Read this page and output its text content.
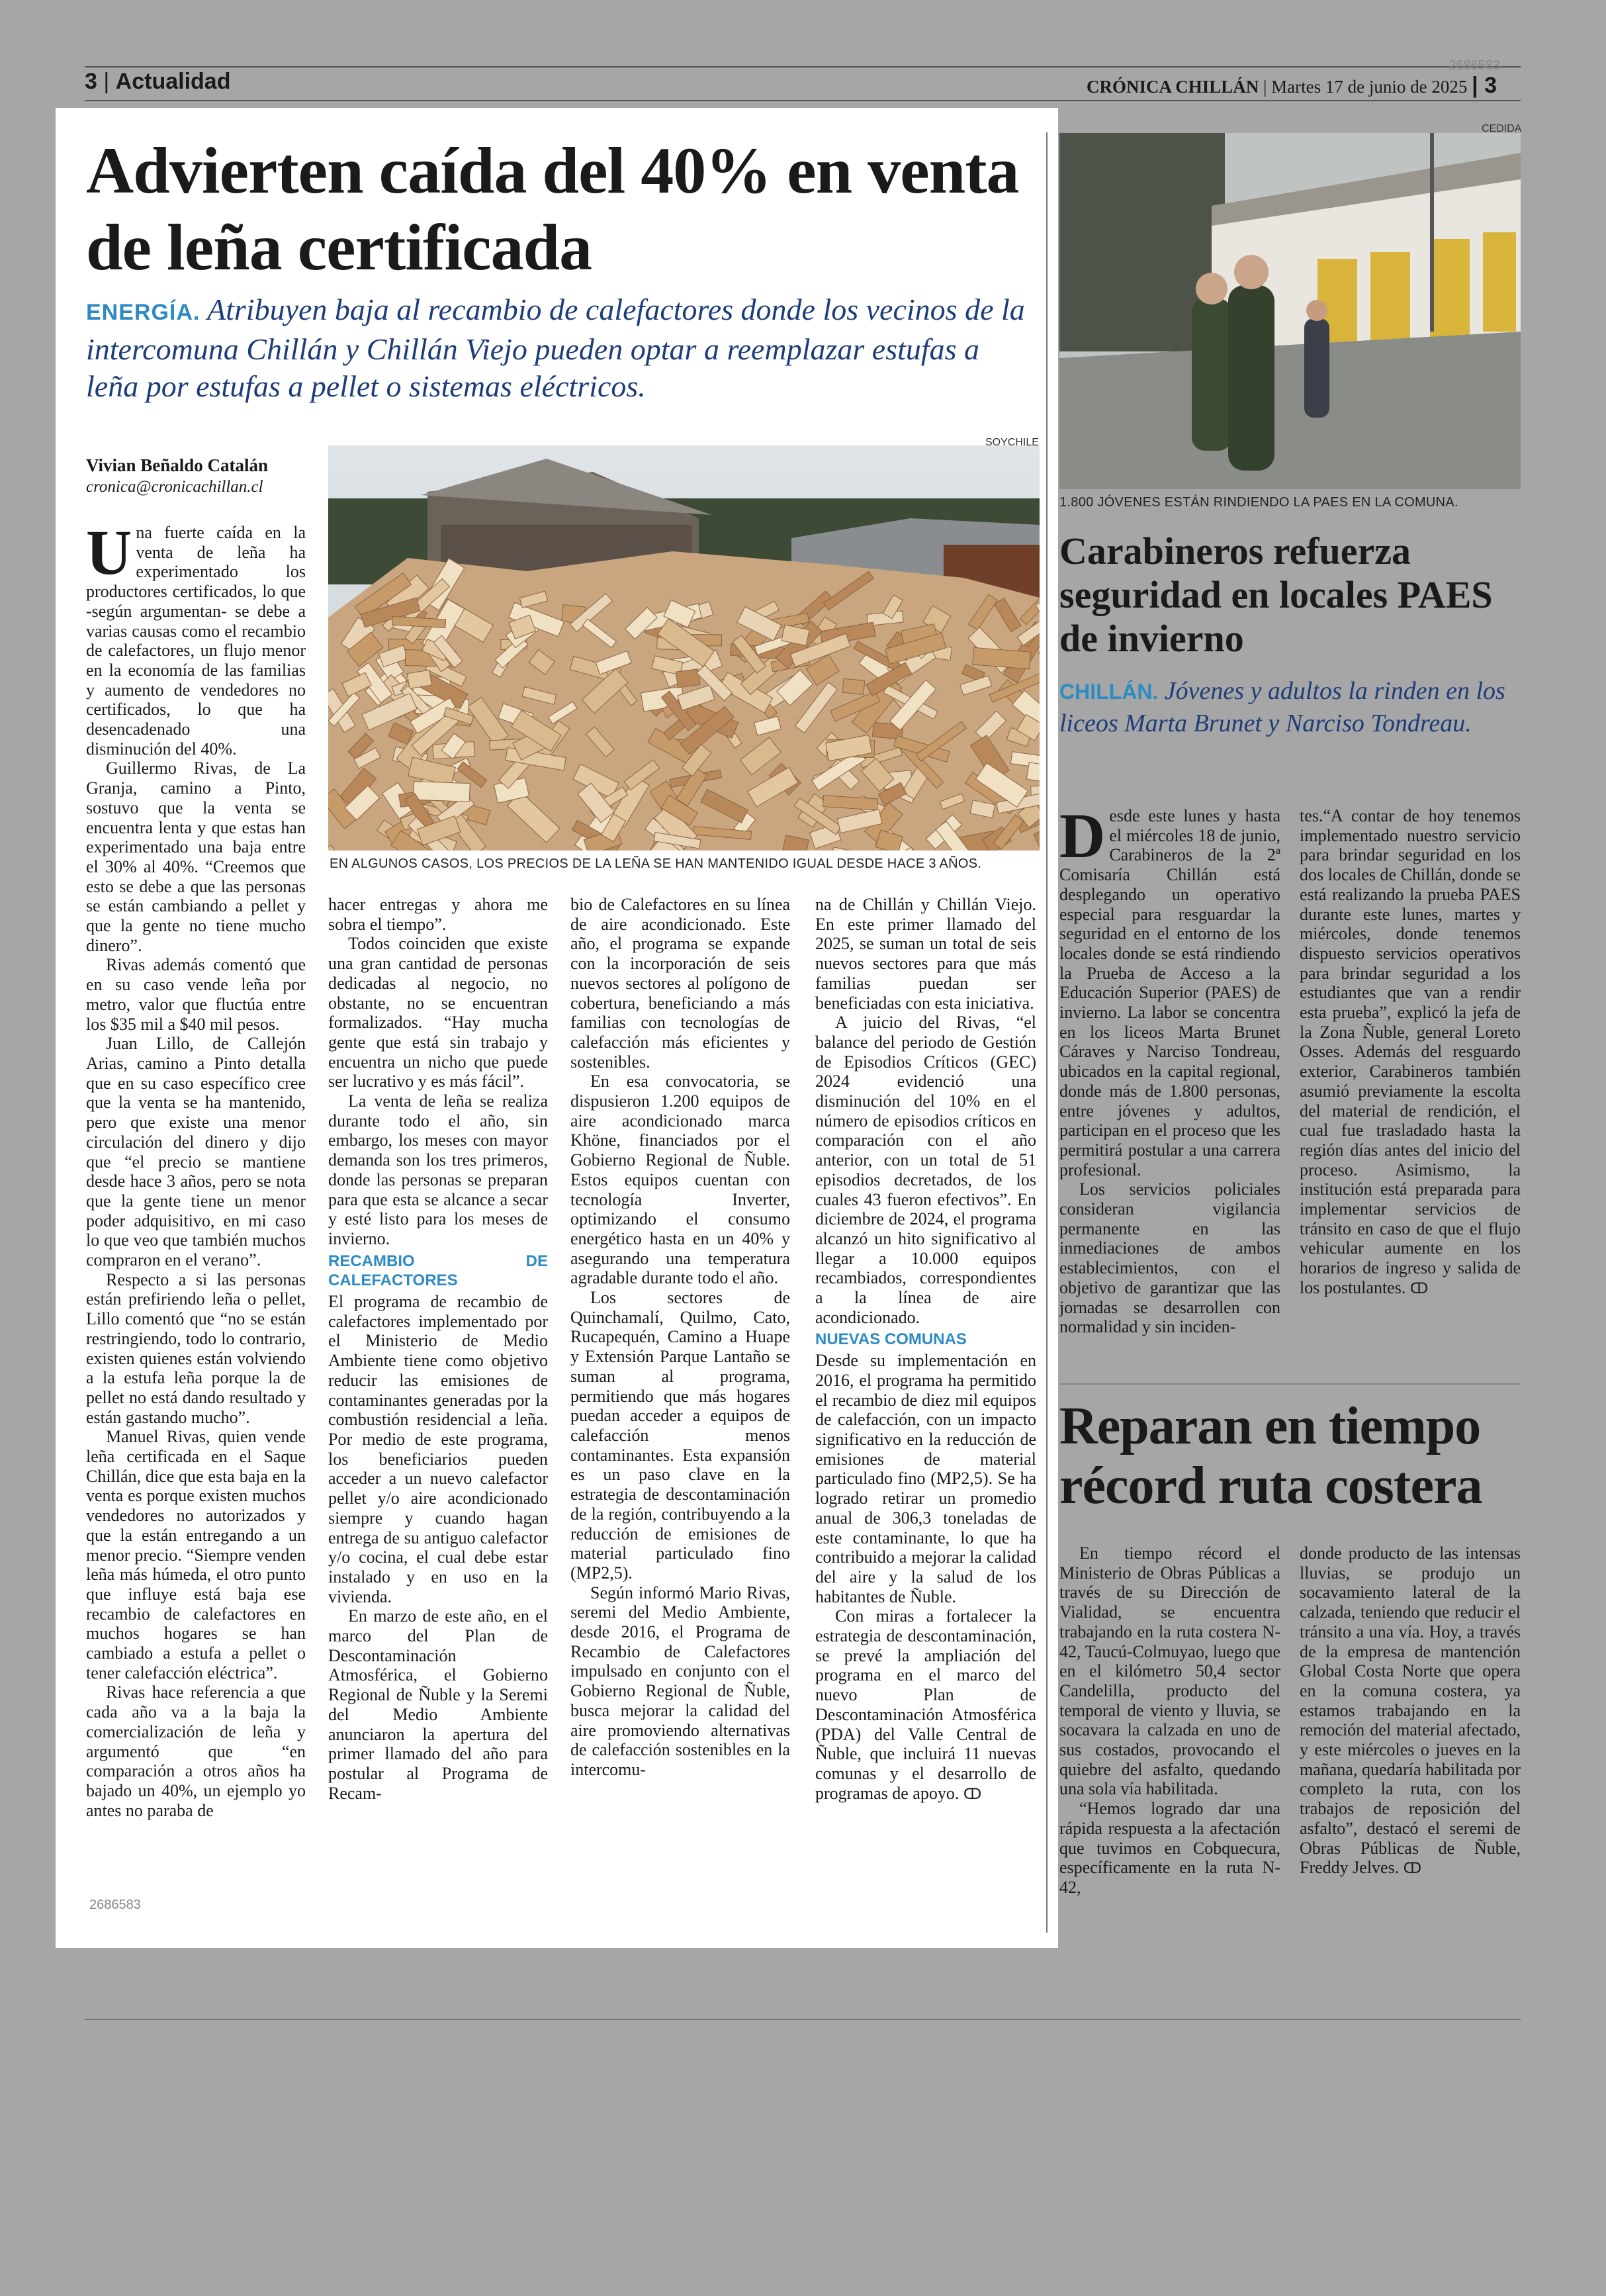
3 | Actualidad
2686583
CRÓNICA CHILLÁN | Martes 17 de junio de 2025 | 3
Advierten caída del 40% en venta de leña certificada
ENERGÍA. Atribuyen baja al recambio de calefactores donde los vecinos de la intercomuna Chillán y Chillán Viejo pueden optar a reemplazar estufas a leña por estufas a pellet o sistemas eléctricos.
Vivian Beñaldo Catalán
cronica@cronicachillan.cl
SOYCHILE
EN ALGUNOS CASOS, LOS PRECIOS DE LA LEÑA SE HAN MANTENIDO IGUAL DESDE HACE 3 AÑOS.

Una fuerte caída en la venta de leña ha experimentado los productores certificados, lo que -según argumentan- se debe a varias causas como el recambio de calefactores, un flujo menor en la economía de las familias y aumento de vendedores no certificados, lo que ha desencadenado una disminución del 40%.

Guillermo Rivas, de La Granja, camino a Pinto, sostuvo que la venta se encuentra lenta y que estas han experimentado una baja entre el 30% al 40%. “Creemos que esto se debe a que las personas se están cambiando a pellet y que la gente no tiene mucho dinero”.

Rivas además comentó que en su caso vende leña por metro, valor que fluctúa entre los $35 mil a $40 mil pesos.

Juan Lillo, de Callejón Arias, camino a Pinto detalla que en su caso específico cree que la venta se ha mantenido, pero que existe una menor circulación del dinero y dijo que “el precio se mantiene desde hace 3 años, pero se nota que la gente tiene un menor poder adquisitivo, en mi caso lo que veo que también muchos compraron en el verano”.

Respecto a si las personas están prefiriendo leña o pellet, Lillo comentó que “no se están restringiendo, todo lo contrario, existen quienes están volviendo a la estufa leña porque la de pellet no está dando resultado y están gastando mucho”.

Manuel Rivas, quien vende leña certificada en el Saque Chillán, dice que esta baja en la venta es porque existen muchos vendedores no autorizados y que la están entregando a un menor precio. “Siempre venden leña más húmeda, el otro punto que influye está baja ese recambio de calefactores en muchos hogares se han cambiado a estufa a pellet o tener calefacción eléctrica”.

Rivas hace referencia a que cada año va a la baja la comercialización de leña y argumentó que “en comparación a otros años ha bajado un 40%, un ejemplo yo antes no paraba de

hacer entregas y ahora me sobra el tiempo”.

Todos coinciden que existe una gran cantidad de personas dedicadas al negocio, no obstante, no se encuentran formalizados. “Hay mucha gente que está sin trabajo y encuentra un nicho que puede ser lucrativo y es más fácil”.

La venta de leña se realiza durante todo el año, sin embargo, los meses con mayor demanda son los tres primeros, donde las personas se preparan para que esta se alcance a secar y esté listo para los meses de invierno.

RECAMBIO DE CALEFACTORES

El programa de recambio de calefactores implementado por el Ministerio de Medio Ambiente tiene como objetivo reducir las emisiones de contaminantes generadas por la combustión residencial a leña. Por medio de este programa, los beneficiarios pueden acceder a un nuevo calefactor pellet y/o aire acondicionado siempre y cuando hagan entrega de su antiguo calefactor y/o cocina, el cual debe estar instalado y en uso en la vivienda.

En marzo de este año, en el marco del Plan de Descontaminación Atmosférica, el Gobierno Regional de Ñuble y la Seremi del Medio Ambiente anunciaron la apertura del primer llamado del año para postular al Programa de Recam-

bio de Calefactores en su línea de aire acondicionado. Este año, el programa se expande con la incorporación de seis nuevos sectores al polígono de cobertura, beneficiando a más familias con tecnologías de calefacción más eficientes y sostenibles.

En esa convocatoria, se dispusieron 1.200 equipos de aire acondicionado marca Khöne, financiados por el Gobierno Regional de Ñuble. Estos equipos cuentan con tecnología Inverter, optimizando el consumo energético hasta en un 40% y asegurando una temperatura agradable durante todo el año.

Los sectores de Quinchamalí, Quilmo, Cato, Rucapequén, Camino a Huape y Extensión Parque Lantaño se suman al programa, permitiendo que más hogares puedan acceder a equipos de calefacción menos contaminantes. Esta expansión es un paso clave en la estrategia de descontaminación de la región, contribuyendo a la reducción de emisiones de material particulado fino (MP2,5).

Según informó Mario Rivas, seremi del Medio Ambiente, desde 2016, el Programa de Recambio de Calefactores impulsado en conjunto con el Gobierno Regional de Ñuble, busca mejorar la calidad del aire promoviendo alternativas de calefacción sostenibles en la intercomu-

na de Chillán y Chillán Viejo. En este primer llamado del 2025, se suman un total de seis nuevos sectores para que más familias puedan ser beneficiadas con esta iniciativa.

A juicio del Rivas, “el balance del periodo de Gestión de Episodios Críticos (GEC) 2024 evidenció una disminución del 10% en el número de episodios críticos en comparación con el año anterior, con un total de 51 episodios decretados, de los cuales 43 fueron efectivos”. En diciembre de 2024, el programa alcanzó un hito significativo al llegar a 10.000 equipos recambiados, correspondientes a la línea de aire acondicionado.

NUEVAS COMUNAS

Desde su implementación en 2016, el programa ha permitido el recambio de diez mil equipos de calefacción, con un impacto significativo en la reducción de emisiones de material particulado fino (MP2,5). Se ha logrado retirar un promedio anual de 306,3 toneladas de este contaminante, lo que ha contribuido a mejorar la calidad del aire y la salud de los habitantes de Ñuble.

Con miras a fortalecer la estrategia de descontaminación, se prevé la ampliación del programa en el marco del nuevo Plan de Descontaminación Atmosférica (PDA) del Valle Central de Ñuble, que incluirá 11 nuevas comunas y el desarrollo de programas de apoyo. ↀ

2686583
CEDIDA
1.800 JÓVENES ESTÁN RINDIENDO LA PAES EN LA COMUNA.
Carabineros refuerza seguridad en locales PAES de invierno
CHILLÁN. Jóvenes y adultos la rinden en los liceos Marta Brunet y Narciso Tondreau.

Desde este lunes y hasta el miércoles 18 de junio, Carabineros de la 2ª Comisaría Chillán está desplegando un operativo especial para resguardar la seguridad en el entorno de los locales donde se está rindiendo la Prueba de Acceso a la Educación Superior (PAES) de invierno. La labor se concentra en los liceos Marta Brunet Cáraves y Narciso Tondreau, ubicados en la capital regional, donde más de 1.800 personas, entre jóvenes y adultos, participan en el proceso que les permitirá postular a una carrera profesional.

Los servicios policiales consideran vigilancia permanente en las inmediaciones de ambos establecimientos, con el objetivo de garantizar que las jornadas se desarrollen con normalidad y sin inciden-

tes.“A contar de hoy tenemos implementado nuestro servicio para brindar seguridad en los dos locales de Chillán, donde se está realizando la prueba PAES durante este lunes, martes y miércoles, donde tenemos dispuesto servicios operativos para brindar seguridad a los estudiantes que van a rendir esta prueba”, explicó la jefa de la Zona Ñuble, general Loreto Osses. Además del resguardo exterior, Carabineros también asumió previamente la escolta del material de rendición, el cual fue trasladado hasta la región días antes del inicio del proceso. Asimismo, la institución está preparada para implementar servicios de tránsito en caso de que el flujo vehicular aumente en los horarios de ingreso y salida de los postulantes. ↀ

Reparan en tiempo récord ruta costera

En tiempo récord el Ministerio de Obras Públicas a través de su Dirección de Vialidad, se encuentra trabajando en la ruta costera N-42, Taucú-Colmuyao, luego que en el kilómetro 50,4 sector Candelilla, producto del temporal de viento y lluvia, se socavara la calzada en uno de sus costados, provocando el quiebre del asfalto, quedando una sola vía habilitada.

“Hemos logrado dar una rápida respuesta a la afectación que tuvimos en Cobquecura, específicamente en la ruta N-42,

donde producto de las intensas lluvias, se produjo un socavamiento lateral de la calzada, teniendo que reducir el tránsito a una vía. Hoy, a través de la empresa de mantención Global Costa Norte que opera en la comuna costera, ya estamos trabajando en la remoción del material afectado, y este miércoles o jueves en la mañana, quedaría habilitada por completo la ruta, con los trabajos de reposición del asfalto”, destacó el seremi de Obras Públicas de Ñuble, Freddy Jelves. ↀ
